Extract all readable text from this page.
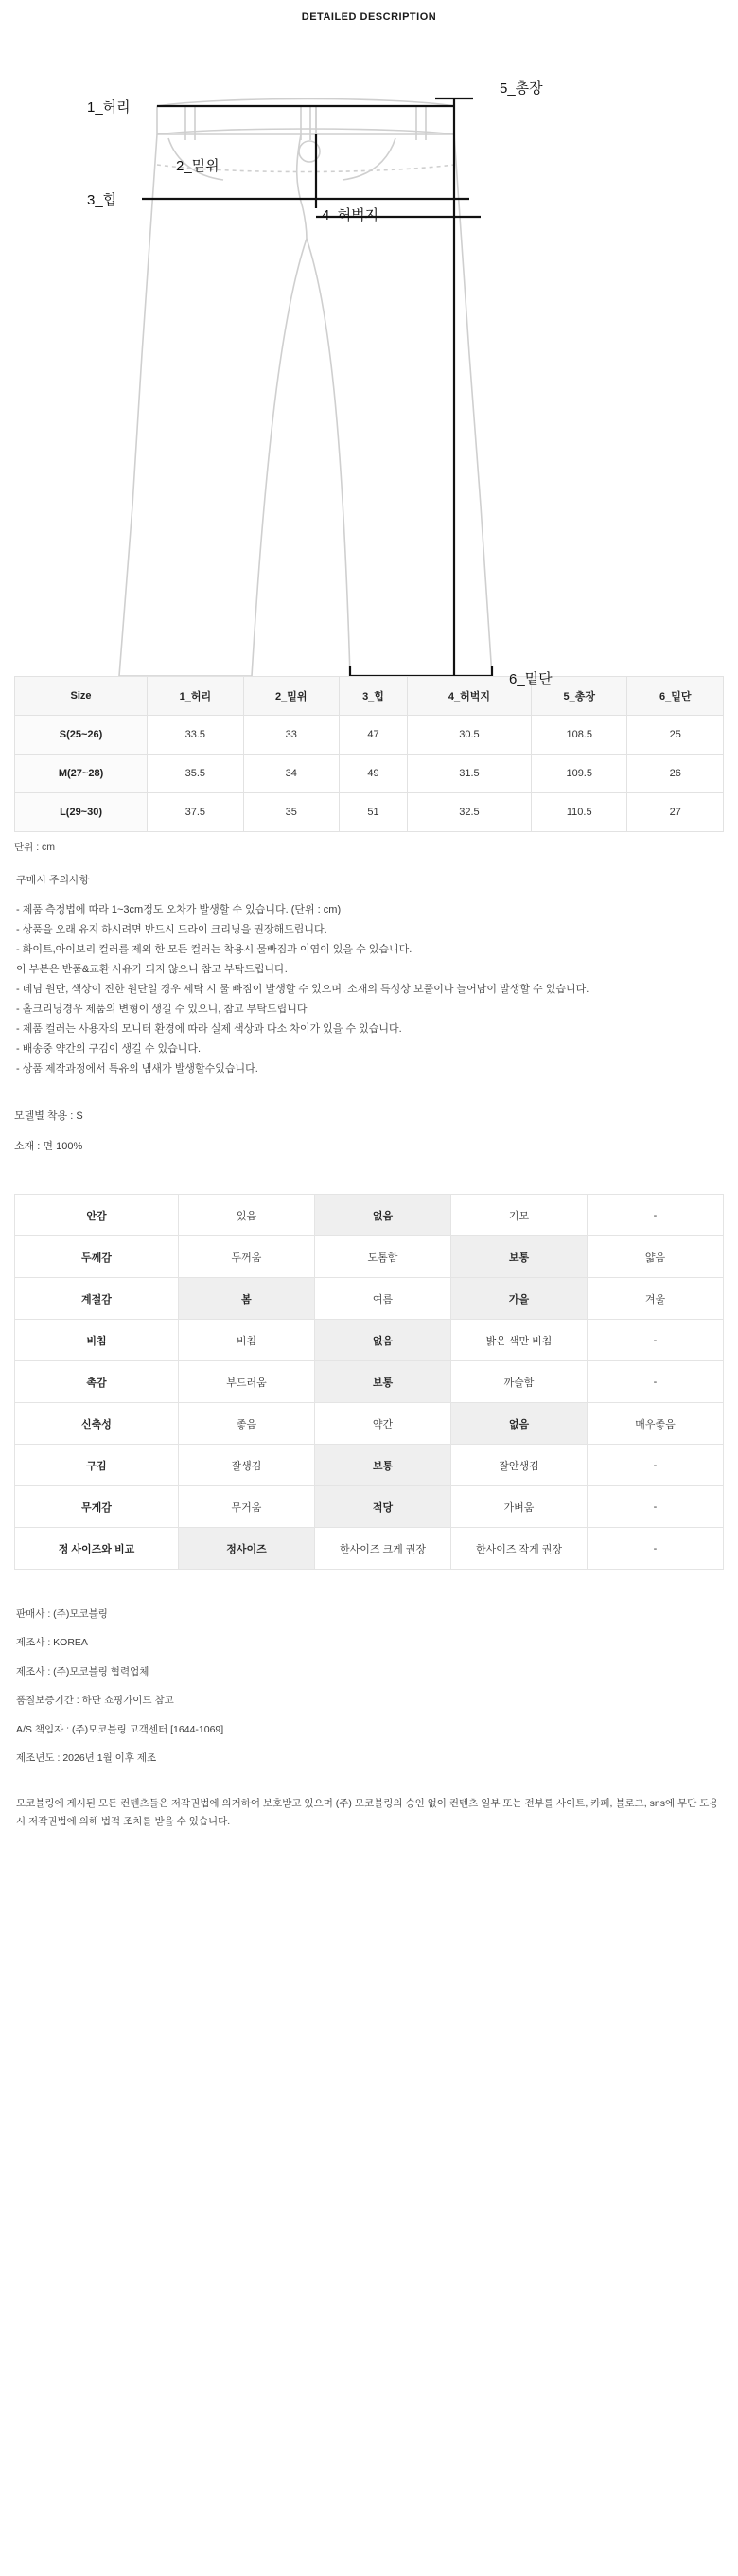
DETAILED DESCRIPTION
1_허리
2_밑위
3_힙
4_허벅지
5_총장
6_밑단
Size	1_허리	2_밑위	3_힙	4_허벅지	5_총장	6_밑단
S(25~26)	33.5	33	47	30.5	108.5	25
M(27~28)	35.5	34	49	31.5	109.5	26
L(29~30)	37.5	35	51	32.5	110.5	27
단위 : cm
구매시 주의사항

- 제품 측정법에 따라 1~3cm정도 오차가 발생할 수 있습니다. (단위 : cm)

- 상품을 오래 유지 하시려면 반드시 드라이 크리닝을 권장해드립니다.

- 화이트,아이보리 컬러를 제외 한 모든 컬러는 착용시 물빠짐과 이염이 있을 수 있습니다.

이 부분은 반품&교환 사유가 되지 않으니 참고 부탁드립니다.

- 데님 원단, 색상이 진한 원단일 경우 세탁 시 물 빠짐이 발생할 수 있으며, 소재의 특성상 보풀이나 늘어남이 발생할 수 있습니다.

- 홀크리닝경우 제품의 변형이 생길 수 있으니, 참고 부탁드립니다

- 제품 컬러는 사용자의 모니터 환경에 따라 실제 색상과 다소 차이가 있을 수 있습니다.

- 배송중 약간의 구김이 생길 수 있습니다.

- 상품 제작과정에서 특유의 냄새가 발생할수있습니다.

모델별 착용 : S

소재 : 면 100%

안감	있음	없음	기모	-
두께감	두꺼움	도톰함	보통	얇음
계절감	봄	여름	가을	겨울
비침	비침	없음	밝은 색만 비침	-
촉감	부드러움	보통	까슬함	-
신축성	좋음	약간	없음	매우좋음
구김	잘생김	보통	잘안생김	-
무게감	무거움	적당	가벼움	-
정 사이즈와 비교	정사이즈	한사이즈 크게 권장	한사이즈 작게 권장	-

판매사 : (주)모코블링

제조사 : KOREA

제조사 : (주)모코블링 협력업체

품질보증기간 : 하단 쇼핑가이드 참고

A/S 책임자 : (주)모코블링 고객센터 [1644-1069]

제조년도 : 2026년 1월 이후 제조

모코블링에 게시된 모든 컨텐츠들은 저작권법에 의거하여 보호받고 있으며 (주) 모코블링의 승인 없이 컨텐츠 일부 또는 전부를 사이트, 카페, 블로그, sns에 무단 도용시 저작권법에 의해 법적 조치를 받을 수 있습니다.
